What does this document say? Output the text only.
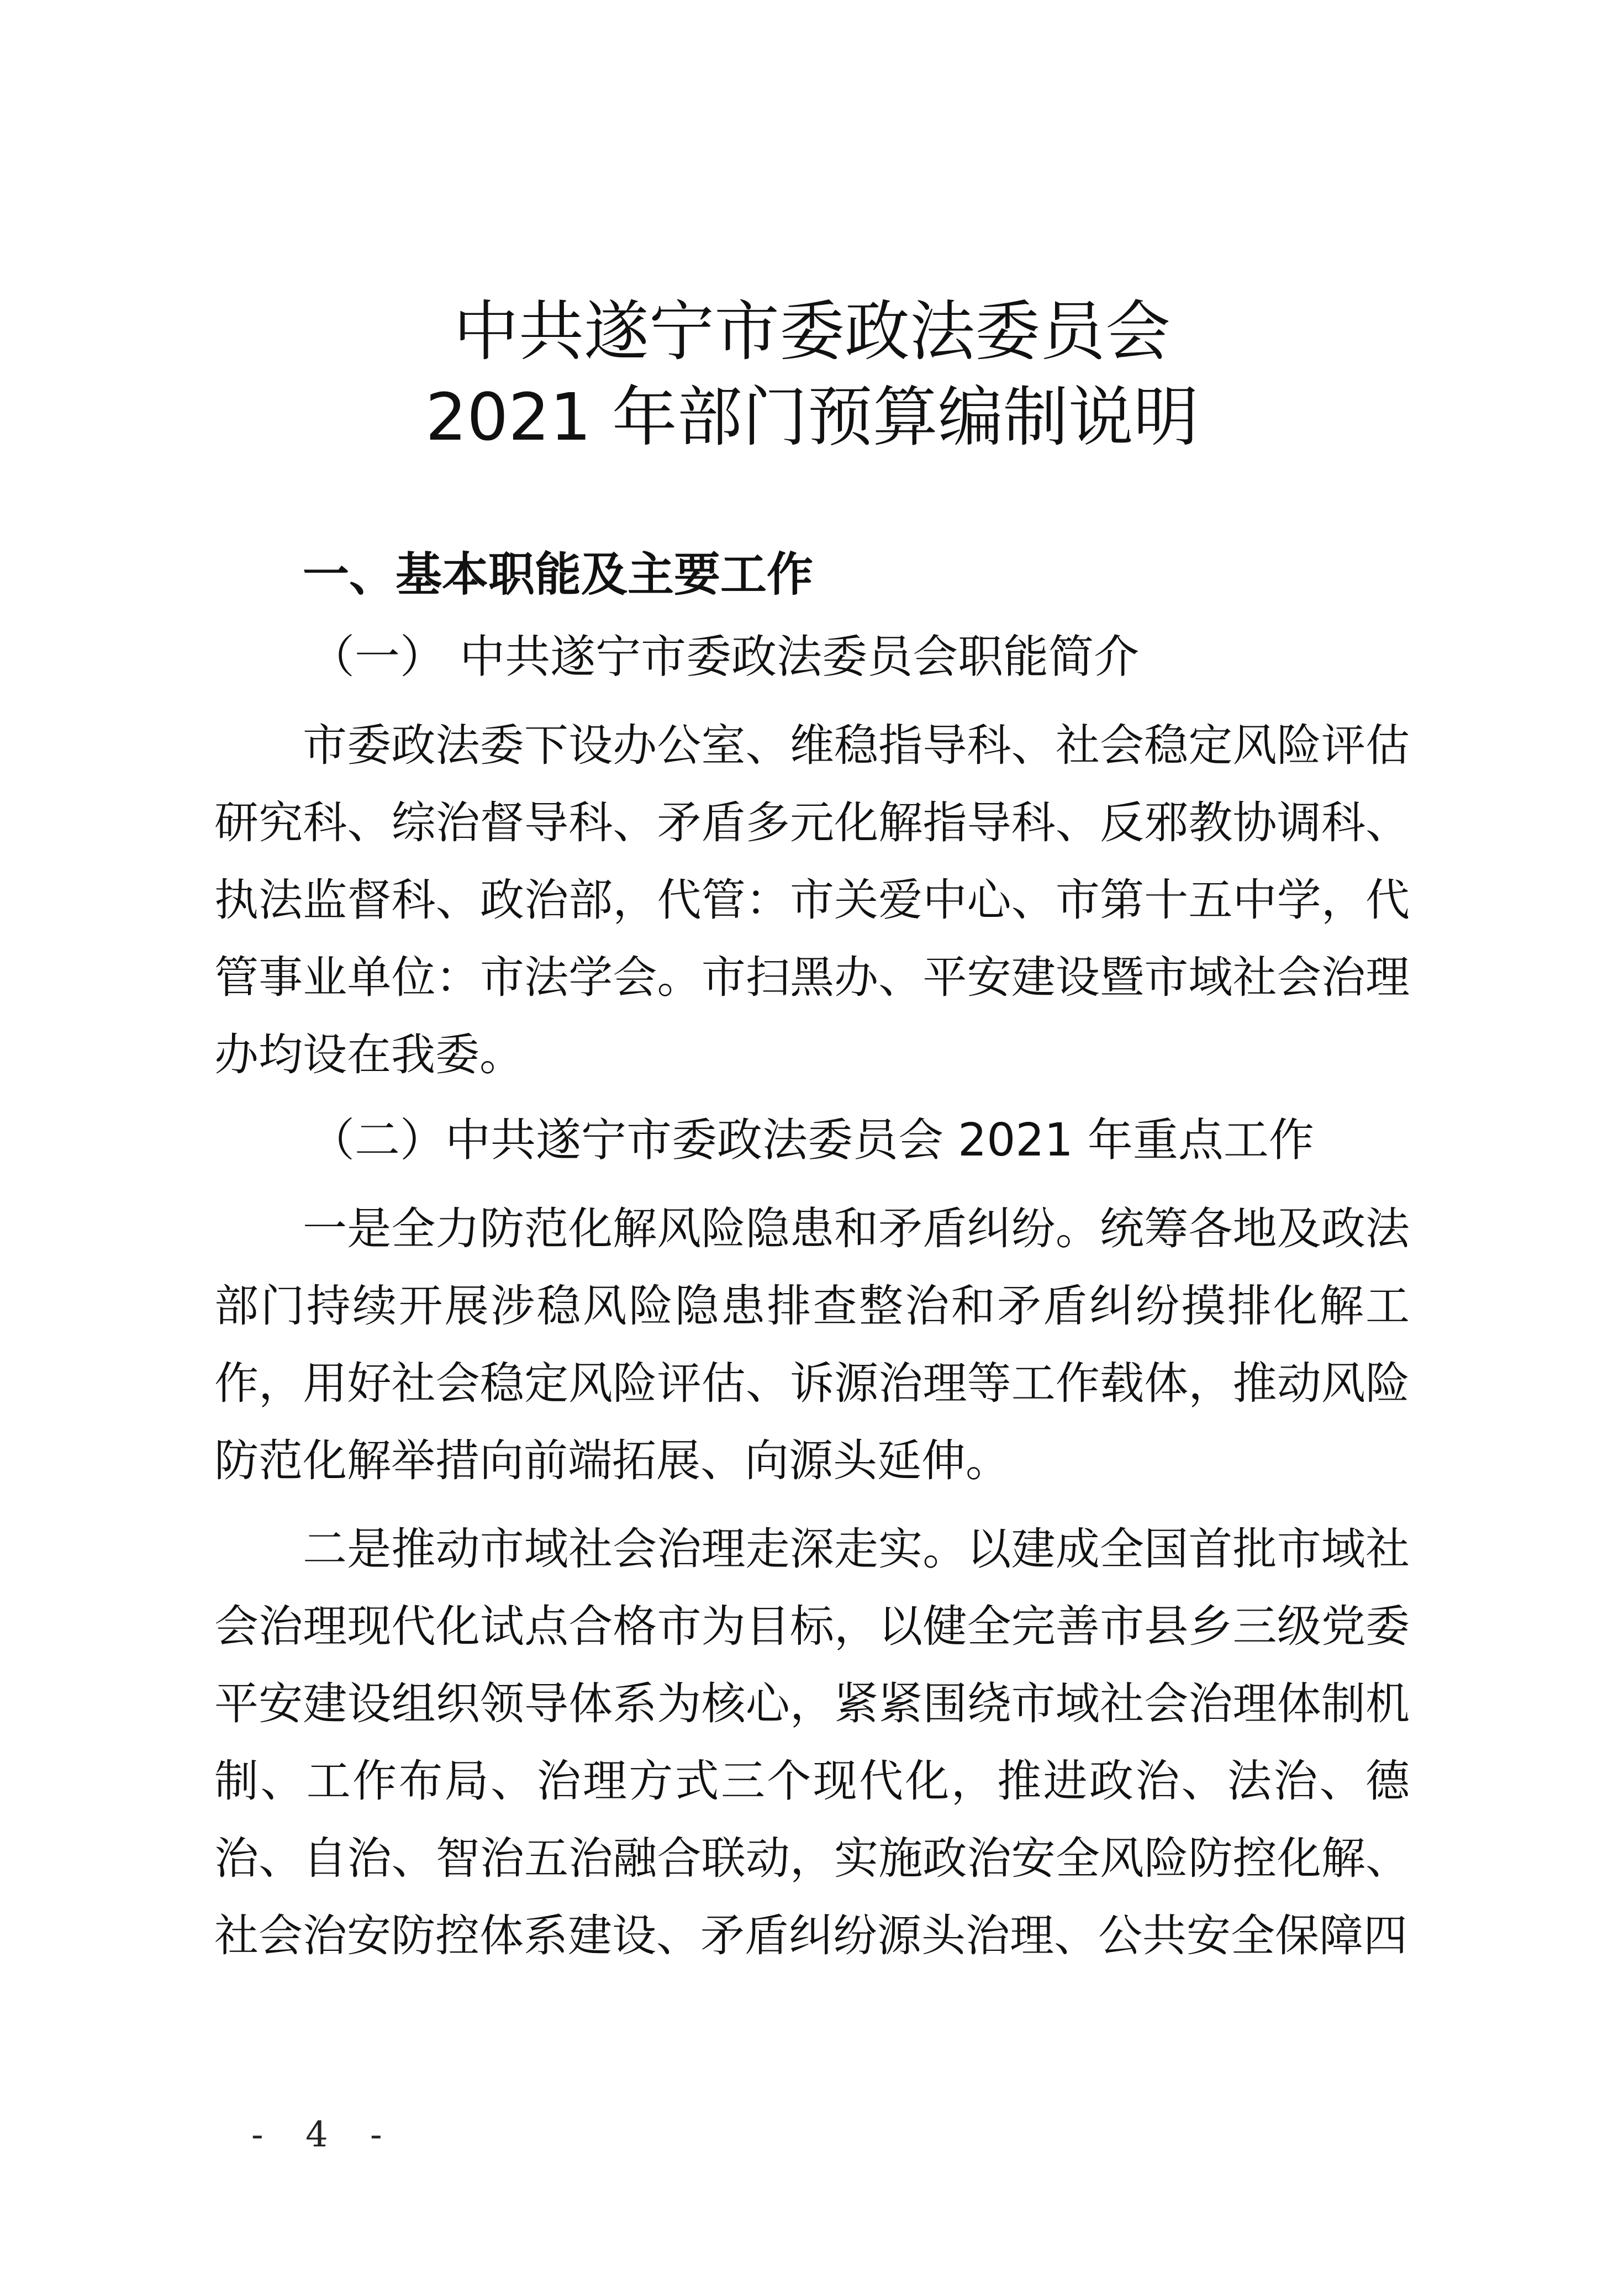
中共遂宁市委政法委员会
2021 年部门预算编制说明
一、基本职能及主要工作
（一） 中共遂宁市委政法委员会职能简介

市委政法委下设办公室、维稳指导科、社会稳定风险评估研究科、综治督导科、矛盾多元化解指导科、反邪教协调科、执法监督科、政治部，代管：市关爱中心、市第十五中学，代管事业单位：市法学会。市扫黑办、平安建设暨市域社会治理办均设在我委。

（二）中共遂宁市委政法委员会 2021 年重点工作

一是全力防范化解风险隐患和矛盾纠纷。统筹各地及政法部门持续开展涉稳风险隐患排查整治和矛盾纠纷摸排化解工作，用好社会稳定风险评估、诉源治理等工作载体，推动风险防范化解举措向前端拓展、向源头延伸。

二是推动市域社会治理走深走实。以建成全国首批市域社会治理现代化试点合格市为目标，以健全完善市县乡三级党委平安建设组织领导体系为核心，紧紧围绕市域社会治理体制机制、工作布局、治理方式三个现代化，推进政治、法治、德治、自治、智治五治融合联动，实施政治安全风险防控化解、社会治安防控体系建设、矛盾纠纷源头治理、公共安全保障四

- 4 -
